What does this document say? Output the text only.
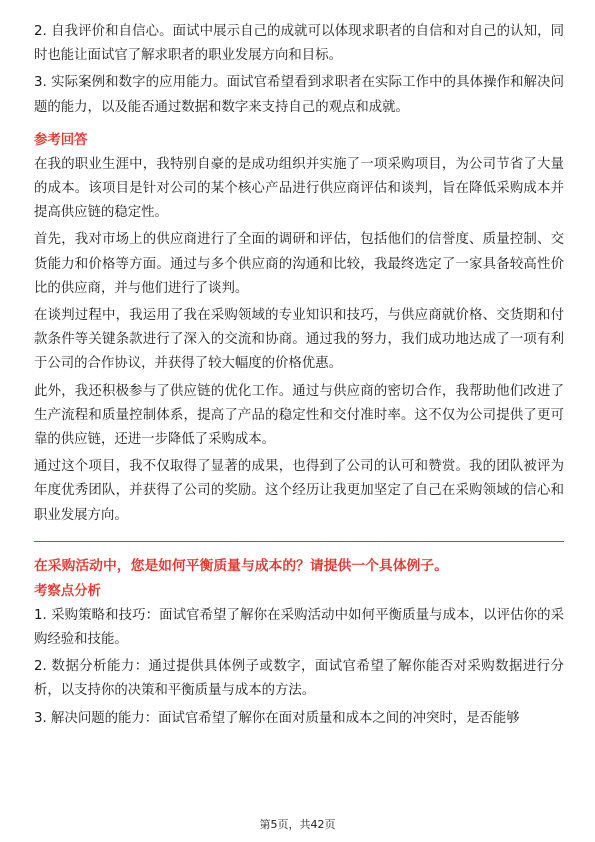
2. 自我评价和自信心。面试中展示自己的成就可以体现求职者的自信和对自己的认知，同时也能让面试官了解求职者的职业发展方向和目标。

3. 实际案例和数字的应用能力。面试官希望看到求职者在实际工作中的具体操作和解决问题的能力，以及能否通过数据和数字来支持自己的观点和成就。

参考回答

在我的职业生涯中，我特别自豪的是成功组织并实施了一项采购项目，为公司节省了大量的成本。该项目是针对公司的某个核心产品进行供应商评估和谈判，旨在降低采购成本并提高供应链的稳定性。

首先，我对市场上的供应商进行了全面的调研和评估，包括他们的信誉度、质量控制、交货能力和价格等方面。通过与多个供应商的沟通和比较，我最终选定了一家具备较高性价比的供应商，并与他们进行了谈判。

在谈判过程中，我运用了我在采购领域的专业知识和技巧，与供应商就价格、交货期和付款条件等关键条款进行了深入的交流和协商。通过我的努力，我们成功地达成了一项有利于公司的合作协议，并获得了较大幅度的价格优惠。

此外，我还积极参与了供应链的优化工作。通过与供应商的密切合作，我帮助他们改进了生产流程和质量控制体系，提高了产品的稳定性和交付准时率。这不仅为公司提供了更可靠的供应链，还进一步降低了采购成本。

通过这个项目，我不仅取得了显著的成果，也得到了公司的认可和赞赏。我的团队被评为年度优秀团队，并获得了公司的奖励。这个经历让我更加坚定了自己在采购领域的信心和职业发展方向。

在采购活动中，您是如何平衡质量与成本的？请提供一个具体例子。
考察点分析

1. 采购策略和技巧：面试官希望了解你在采购活动中如何平衡质量与成本，以评估你的采购经验和技能。

2. 数据分析能力：通过提供具体例子或数字，面试官希望了解你能否对采购数据进行分析，以支持你的决策和平衡质量与成本的方法。

3. 解决问题的能力：面试官希望了解你在面对质量和成本之间的冲突时，是否能够

第5页，共42页
